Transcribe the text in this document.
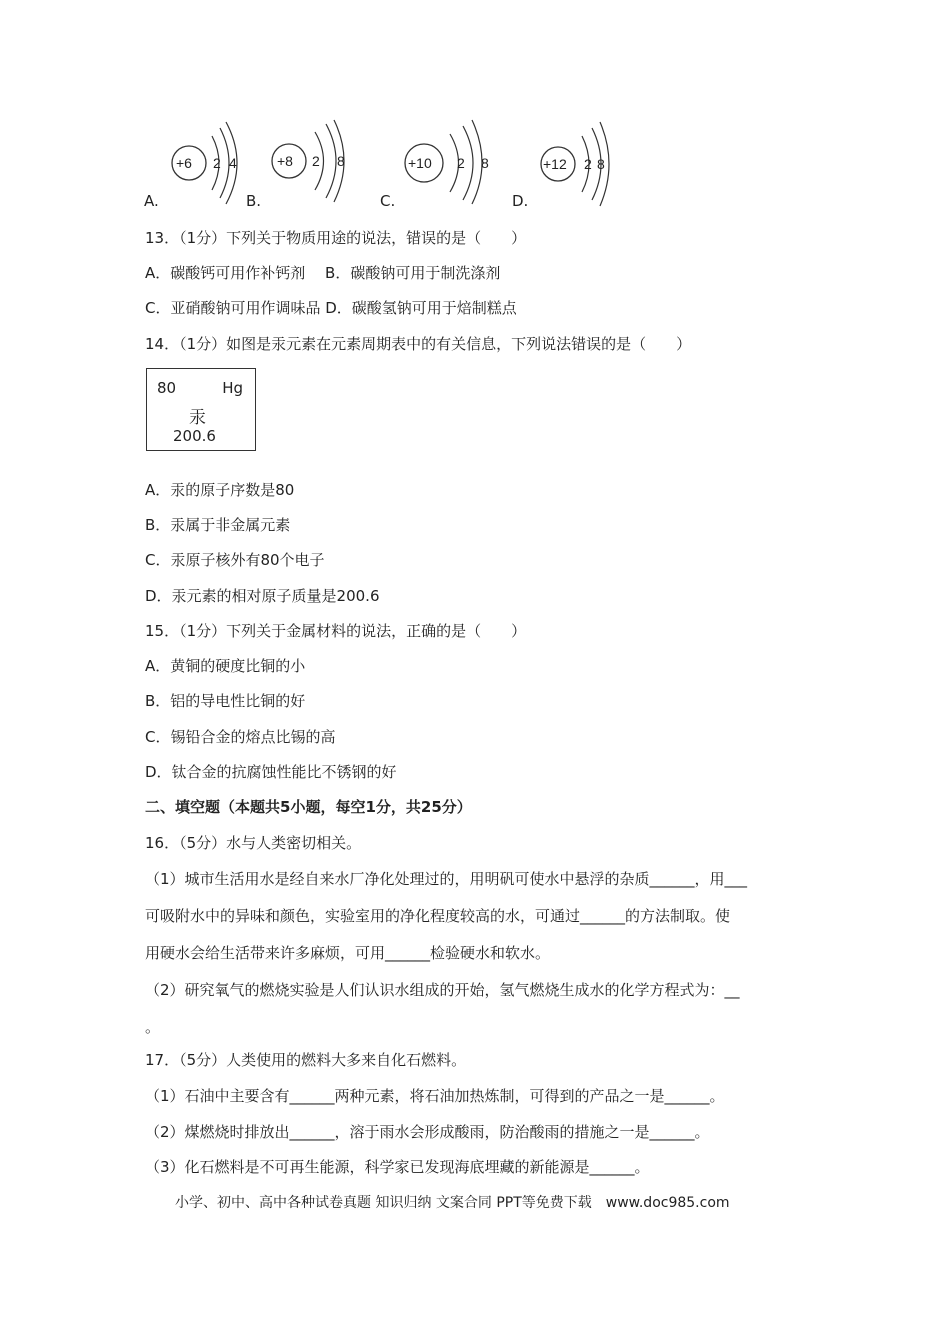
+6 2 4	+8 2 8	+10 2 8	+12 2 8
A.	B.	C.	D.
13．（1分）下列关于物质用途的说法，错误的是（　　）
A．碳酸钙可用作补钙剂　 B．碳酸钠可用于制洗涤剂
C．亚硝酸钠可用作调味品 D．碳酸氢钠可用于焙制糕点
14．（1分）如图是汞元素在元素周期表中的有关信息，下列说法错误的是（　　）
80	Hg
汞
200.6
A．汞的原子序数是80
B．汞属于非金属元素
C．汞原子核外有80个电子
D．汞元素的相对原子质量是200.6
15．（1分）下列关于金属材料的说法，正确的是（　　）
A．黄铜的硬度比铜的小
B．铝的导电性比铜的好
C．锡铅合金的熔点比锡的高
D．钛合金的抗腐蚀性能比不锈钢的好
二、填空题（本题共5小题，每空1分，共25分）
16．（5分）水与人类密切相关。
（1）城市生活用水是经自来水厂净化处理过的，用明矾可使水中悬浮的杂质______，用___
可吸附水中的异味和颜色，实验室用的净化程度较高的水，可通过______的方法制取。使
用硬水会给生活带来许多麻烦，可用______检验硬水和软水。
（2）研究氧气的燃烧实验是人们认识水组成的开始，氢气燃烧生成水的化学方程式为：__
。
17．（5分）人类使用的燃料大多来自化石燃料。
（1）石油中主要含有______两种元素，将石油加热炼制，可得到的产品之一是______。
（2）煤燃烧时排放出______，溶于雨水会形成酸雨，防治酸雨的措施之一是______。
（3）化石燃料是不可再生能源，科学家已发现海底埋藏的新能源是______。
小学、初中、高中各种试卷真题 知识归纳 文案合同 PPT等免费下载　www.doc985.com
